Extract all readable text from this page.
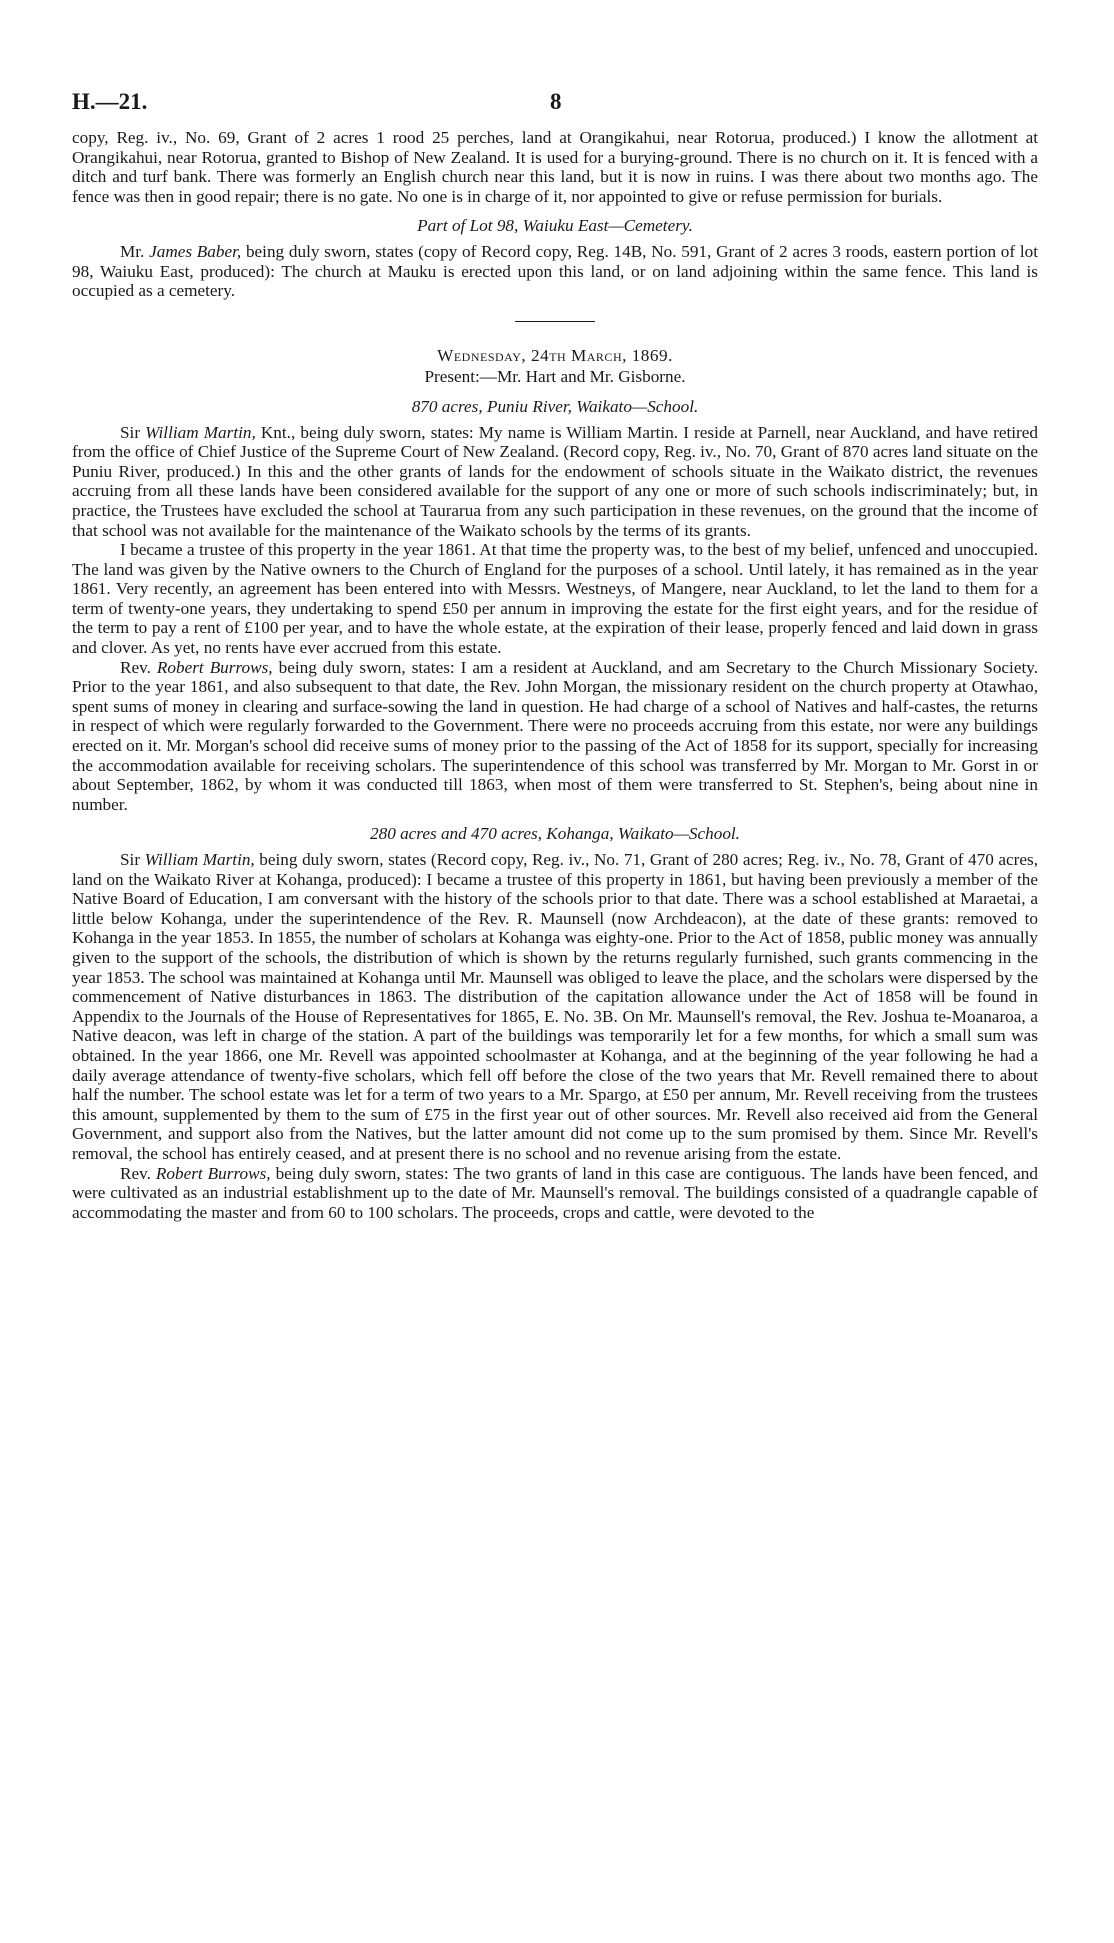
H.—21.	8

copy, Reg. iv., No. 69, Grant of 2 acres 1 rood 25 perches, land at Orangikahui, near Rotorua, produced.) I know the allotment at Orangikahui, near Rotorua, granted to Bishop of New Zealand. It is used for a burying-ground. There is no church on it. It is fenced with a ditch and turf bank. There was formerly an English church near this land, but it is now in ruins. I was there about two months ago. The fence was then in good repair; there is no gate. No one is in charge of it, nor appointed to give or refuse permission for burials.

Part of Lot 98, Waiuku East—Cemetery.

Mr. James Baber, being duly sworn, states (copy of Record copy, Reg. 14B, No. 591, Grant of 2 acres 3 roods, eastern portion of lot 98, Waiuku East, produced): The church at Mauku is erected upon this land, or on land adjoining within the same fence. This land is occupied as a cemetery.

Wednesday, 24th March, 1869.
Present:—Mr. Hart and Mr. Gisborne.
870 acres, Puniu River, Waikato—School.

Sir William Martin, Knt., being duly sworn, states: My name is William Martin. I reside at Parnell, near Auckland, and have retired from the office of Chief Justice of the Supreme Court of New Zealand. (Record copy, Reg. iv., No. 70, Grant of 870 acres land situate on the Puniu River, produced.) In this and the other grants of lands for the endowment of schools situate in the Waikato district, the revenues accruing from all these lands have been considered available for the support of any one or more of such schools indiscriminately; but, in practice, the Trustees have excluded the school at Taurarua from any such participation in these revenues, on the ground that the income of that school was not available for the maintenance of the Waikato schools by the terms of its grants.

I became a trustee of this property in the year 1861. At that time the property was, to the best of my belief, unfenced and unoccupied. The land was given by the Native owners to the Church of England for the purposes of a school. Until lately, it has remained as in the year 1861. Very recently, an agreement has been entered into with Messrs. Westneys, of Mangere, near Auckland, to let the land to them for a term of twenty-one years, they undertaking to spend £50 per annum in improving the estate for the first eight years, and for the residue of the term to pay a rent of £100 per year, and to have the whole estate, at the expiration of their lease, properly fenced and laid down in grass and clover. As yet, no rents have ever accrued from this estate.

Rev. Robert Burrows, being duly sworn, states: I am a resident at Auckland, and am Secretary to the Church Missionary Society. Prior to the year 1861, and also subsequent to that date, the Rev. John Morgan, the missionary resident on the church property at Otawhao, spent sums of money in clearing and surface-sowing the land in question. He had charge of a school of Natives and half-castes, the returns in respect of which were regularly forwarded to the Government. There were no proceeds accruing from this estate, nor were any buildings erected on it. Mr. Morgan's school did receive sums of money prior to the passing of the Act of 1858 for its support, specially for increasing the accommodation available for receiving scholars. The superintendence of this school was transferred by Mr. Morgan to Mr. Gorst in or about September, 1862, by whom it was conducted till 1863, when most of them were transferred to St. Stephen's, being about nine in number.

280 acres and 470 acres, Kohanga, Waikato—School.

Sir William Martin, being duly sworn, states (Record copy, Reg. iv., No. 71, Grant of 280 acres; Reg. iv., No. 78, Grant of 470 acres, land on the Waikato River at Kohanga, produced): I became a trustee of this property in 1861, but having been previously a member of the Native Board of Education, I am conversant with the history of the schools prior to that date. There was a school established at Maraetai, a little below Kohanga, under the superintendence of the Rev. R. Maunsell (now Archdeacon), at the date of these grants: removed to Kohanga in the year 1853. In 1855, the number of scholars at Kohanga was eighty-one. Prior to the Act of 1858, public money was annually given to the support of the schools, the distribution of which is shown by the returns regularly furnished, such grants commencing in the year 1853. The school was maintained at Kohanga until Mr. Maunsell was obliged to leave the place, and the scholars were dispersed by the commencement of Native disturbances in 1863. The distribution of the capitation allowance under the Act of 1858 will be found in Appendix to the Journals of the House of Representatives for 1865, E. No. 3B. On Mr. Maunsell's removal, the Rev. Joshua te-Moanaroa, a Native deacon, was left in charge of the station. A part of the buildings was temporarily let for a few months, for which a small sum was obtained. In the year 1866, one Mr. Revell was appointed schoolmaster at Kohanga, and at the beginning of the year following he had a daily average attendance of twenty-five scholars, which fell off before the close of the two years that Mr. Revell remained there to about half the number. The school estate was let for a term of two years to a Mr. Spargo, at £50 per annum, Mr. Revell receiving from the trustees this amount, supplemented by them to the sum of £75 in the first year out of other sources. Mr. Revell also received aid from the General Government, and support also from the Natives, but the latter amount did not come up to the sum promised by them. Since Mr. Revell's removal, the school has entirely ceased, and at present there is no school and no revenue arising from the estate.

Rev. Robert Burrows, being duly sworn, states: The two grants of land in this case are contiguous. The lands have been fenced, and were cultivated as an industrial establishment up to the date of Mr. Maunsell's removal. The buildings consisted of a quadrangle capable of accommodating the master and from 60 to 100 scholars. The proceeds, crops and cattle, were devoted to the
